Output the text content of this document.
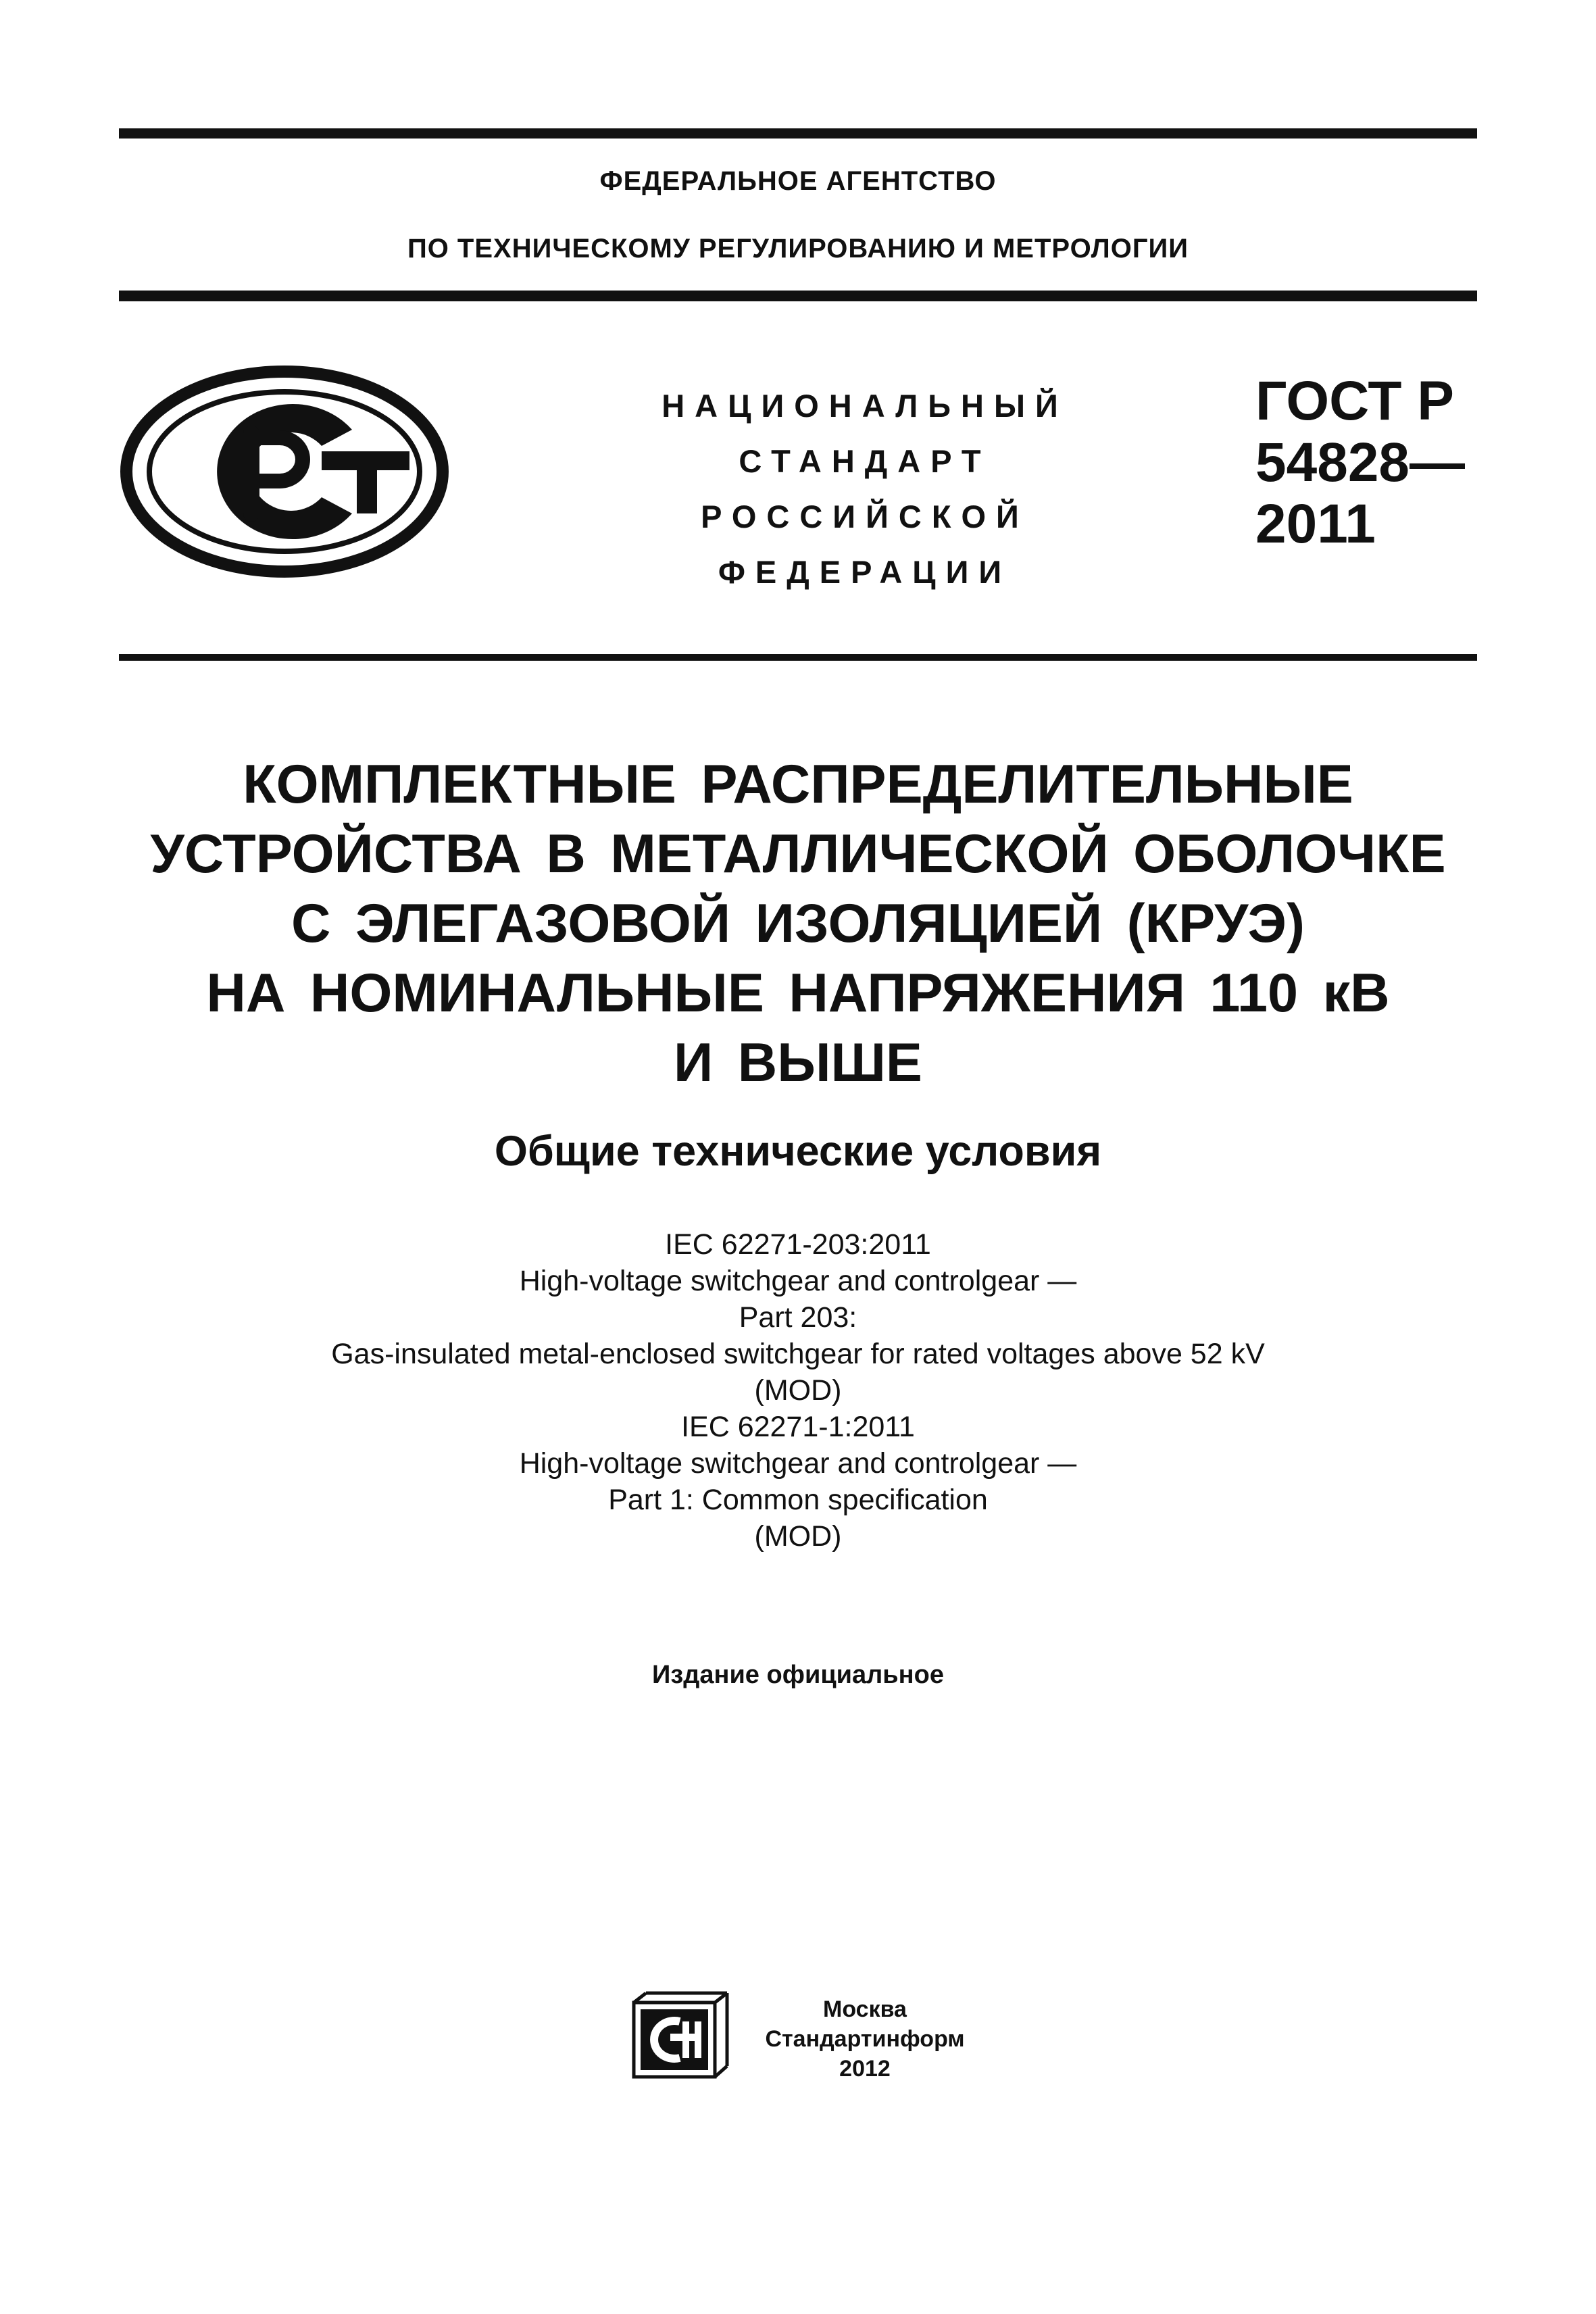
ФЕДЕРАЛЬНОЕ АГЕНТСТВО
ПО ТЕХНИЧЕСКОМУ РЕГУЛИРОВАНИЮ И МЕТРОЛОГИИ
НАЦИОНАЛЬНЫЙ
СТАНДАРТ
РОССИЙСКОЙ
ФЕДЕРАЦИИ
ГОСТ Р
54828—
2011
КОМПЛЕКТНЫЕ РАСПРЕДЕЛИТЕЛЬНЫЕ
УСТРОЙСТВА В МЕТАЛЛИЧЕСКОЙ ОБОЛОЧКЕ
С ЭЛЕГАЗОВОЙ ИЗОЛЯЦИЕЙ (КРУЭ)
НА НОМИНАЛЬНЫЕ НАПРЯЖЕНИЯ 110 кВ
И ВЫШЕ
Общие технические условия
IEC 62271-203:2011
High-voltage switchgear and controlgear —
Part 203:
Gas-insulated metal-enclosed switchgear for rated voltages above 52 kV
(MOD)
IEC 62271-1:2011
High-voltage switchgear and controlgear —
Part 1: Common specification
(MOD)
Издание официальное
Москва
Стандартинформ
2012
